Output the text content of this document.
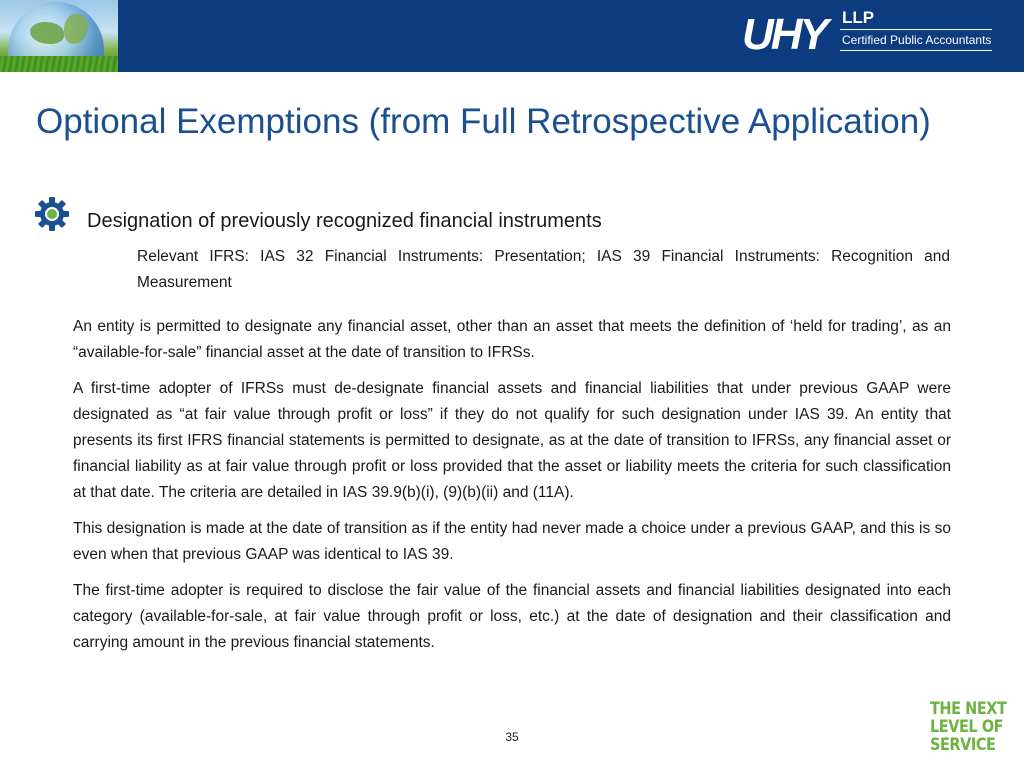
UHY LLP
Certified Public Accountants
Optional Exemptions (from Full Retrospective Application)
Designation of previously recognized financial instruments

Relevant IFRS: IAS 32 Financial Instruments: Presentation; IAS 39 Financial Instruments: Recognition and Measurement

An entity is permitted to designate any financial asset, other than an asset that meets the definition of ‘held for trading’, as an “available-for-sale” financial asset at the date of transition to IFRSs.

A first-time adopter of IFRSs must de-designate financial assets and financial liabilities that under previous GAAP were designated as “at fair value through profit or loss” if they do not qualify for such designation under IAS 39. An entity that presents its first IFRS financial statements is permitted to designate, as at the date of transition to IFRSs, any financial asset or financial liability as at fair value through profit or loss provided that the asset or liability meets the criteria for such classification at that date. The criteria are detailed in IAS 39.9(b)(i), (9)(b)(ii) and (11A).

This designation is made at the date of transition as if the entity had never made a choice under a previous GAAP, and this is so even when that previous GAAP was identical to IAS 39.

The first-time adopter is required to disclose the fair value of the financial assets and financial liabilities designated into each category (available-for-sale, at fair value through profit or loss, etc.) at the date of designation and their classification and carrying amount in the previous financial statements.

35
THE NEXT
LEVEL OF
SERVICE
